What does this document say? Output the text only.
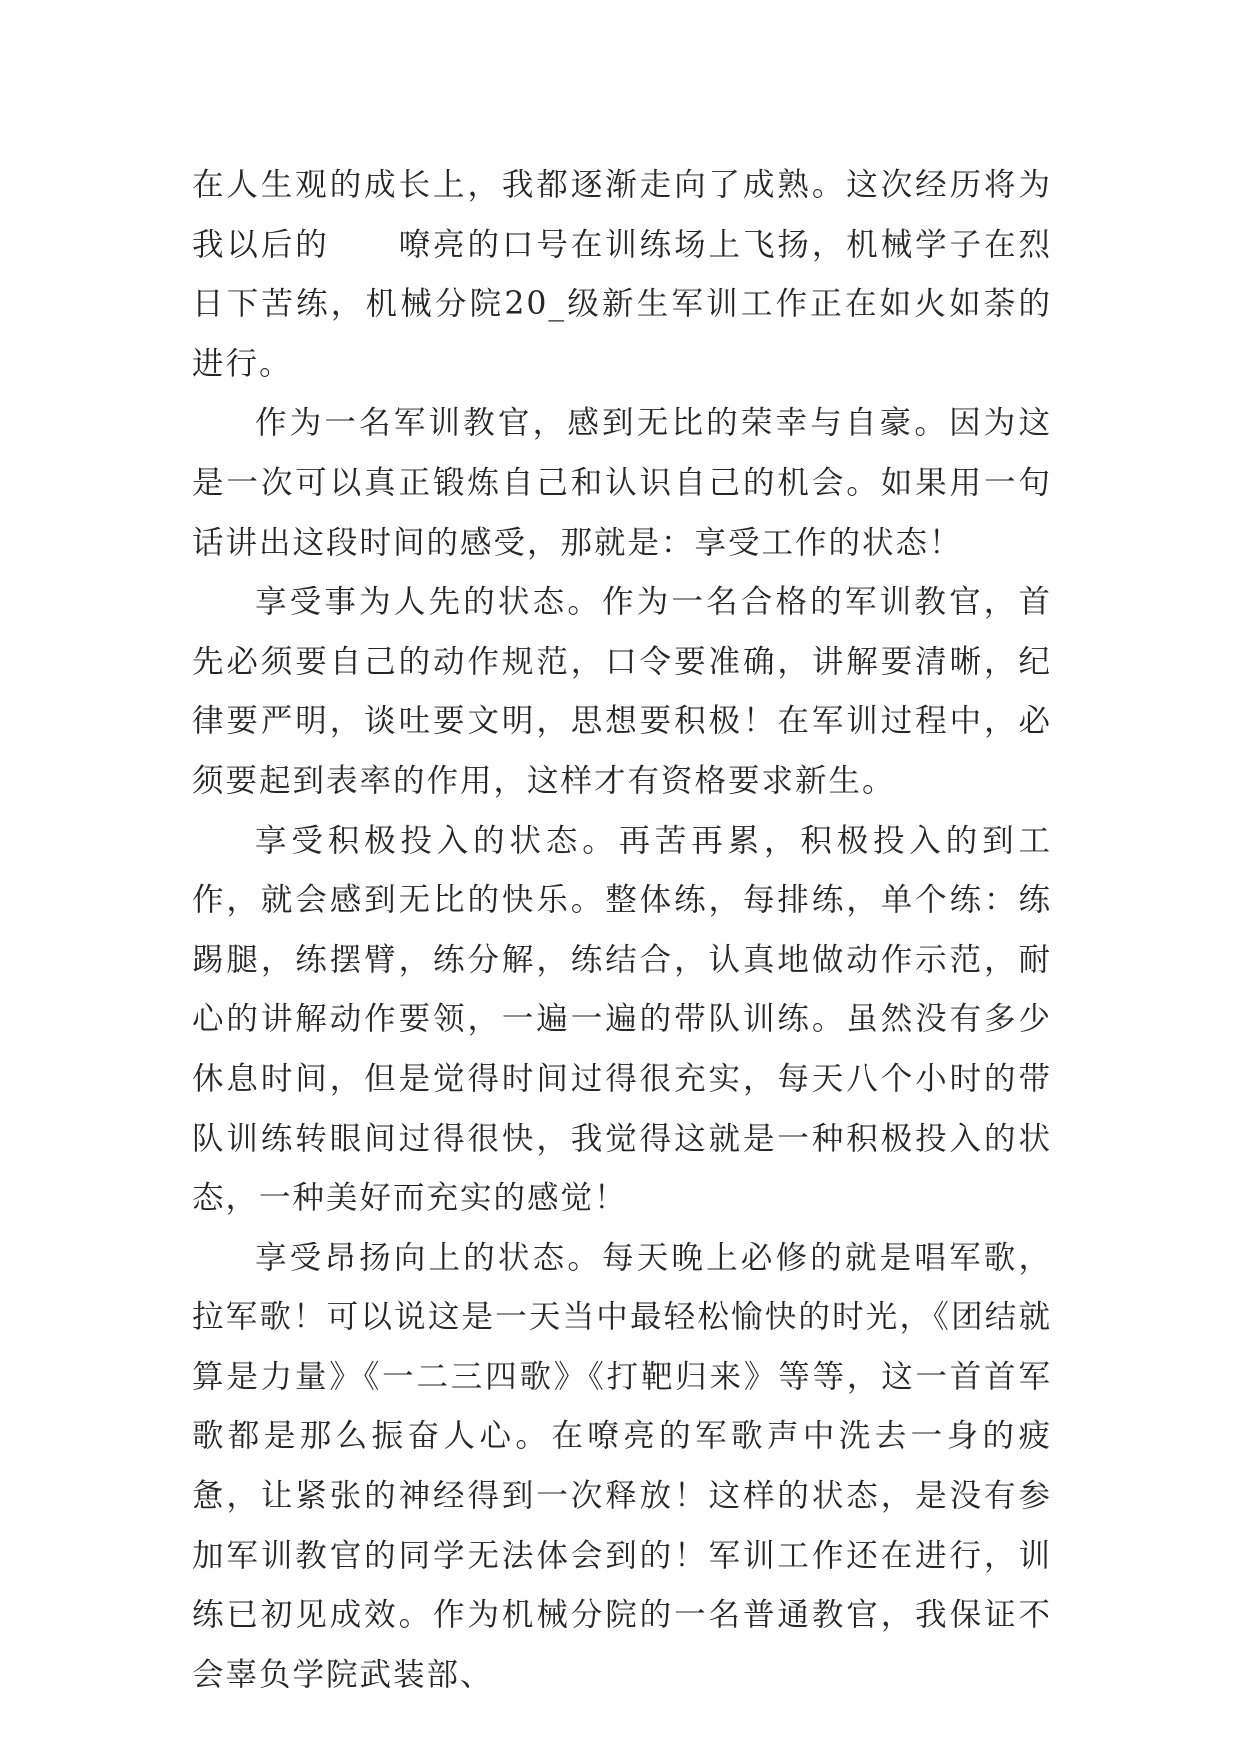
在人生观的成长上，我都逐渐走向了成熟。这次经历将为我以后的　　嘹亮的口号在训练场上飞扬，机械学子在烈日下苦练，机械分院20_级新生军训工作正在如火如荼的进行。

作为一名军训教官，感到无比的荣幸与自豪。因为这是一次可以真正锻炼自己和认识自己的机会。如果用一句话讲出这段时间的感受，那就是：享受工作的状态！

享受事为人先的状态。作为一名合格的军训教官，首先必须要自己的动作规范，口令要准确，讲解要清晰，纪律要严明，谈吐要文明，思想要积极！在军训过程中，必须要起到表率的作用，这样才有资格要求新生。

享受积极投入的状态。再苦再累，积极投入的到工作，就会感到无比的快乐。整体练，每排练，单个练：练踢腿，练摆臂，练分解，练结合，认真地做动作示范，耐心的讲解动作要领，一遍一遍的带队训练。虽然没有多少休息时间，但是觉得时间过得很充实，每天八个小时的带队训练转眼间过得很快，我觉得这就是一种积极投入的状态，一种美好而充实的感觉！

享受昂扬向上的状态。每天晚上必修的就是唱军歌，拉军歌！可以说这是一天当中最轻松愉快的时光，《团结就算是力量》《一二三四歌》《打靶归来》等等，这一首首军歌都是那么振奋人心。在嘹亮的军歌声中洗去一身的疲惫，让紧张的神经得到一次释放！这样的状态，是没有参加军训教官的同学无法体会到的！军训工作还在进行，训练已初见成效。作为机械分院的一名普通教官，我保证不会辜负学院武装部、
